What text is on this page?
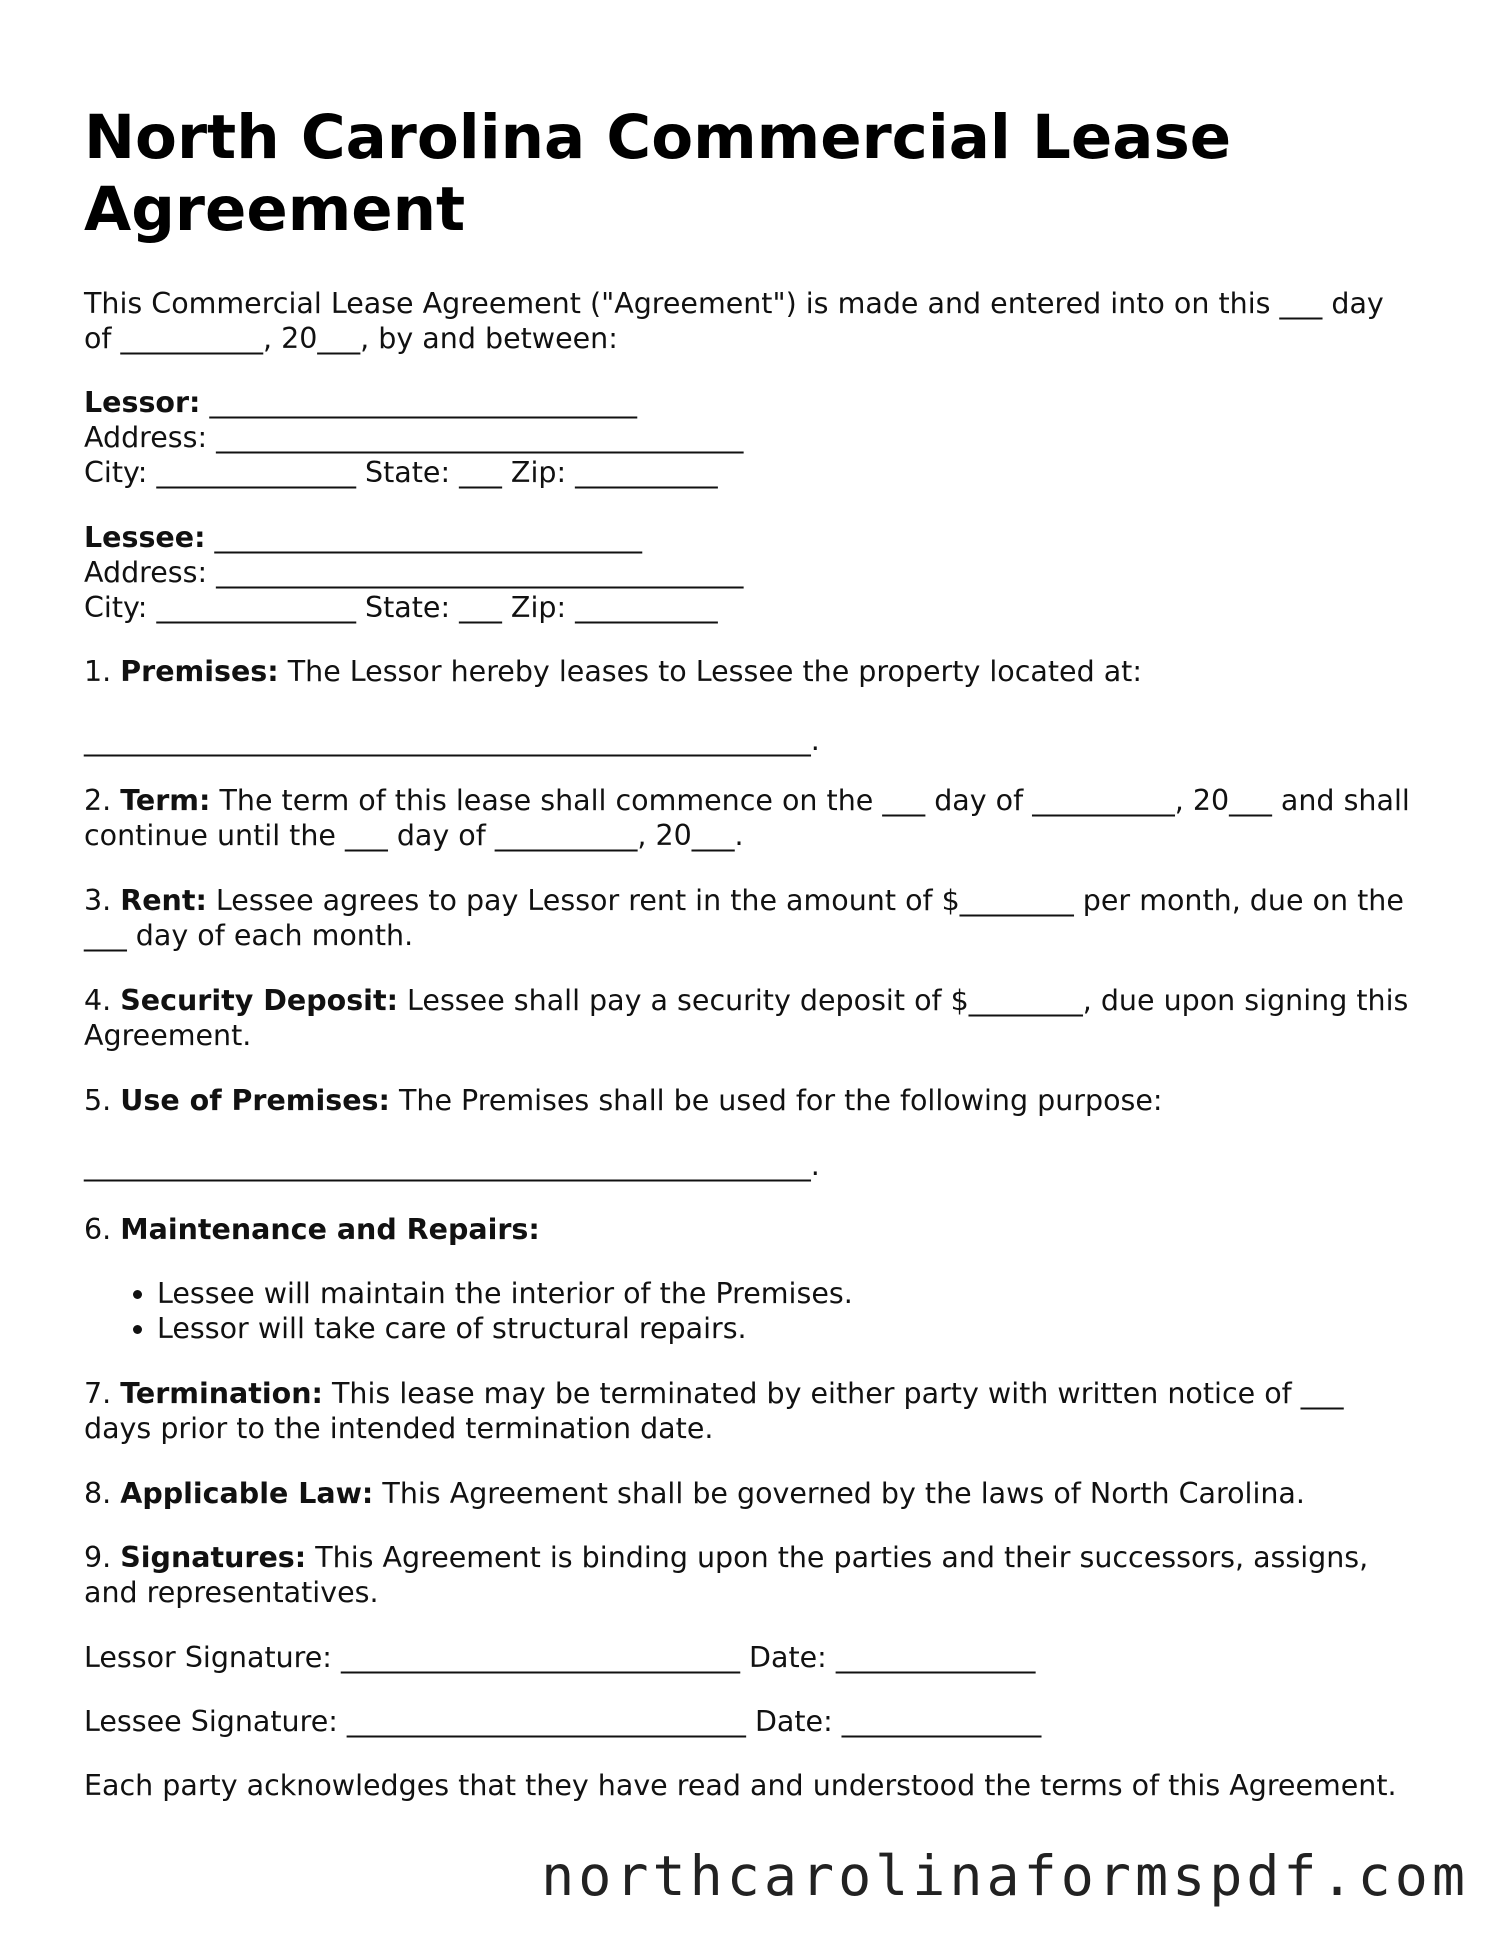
North Carolina Commercial Lease Agreement

This Commercial Lease Agreement ("Agreement") is made and entered into on this ___ day of __________, 20___, by and between:

Lessor: ______________________________

Address: _____________________________________

City: ______________ State: ___ Zip: __________

Lessee: ______________________________

Address: _____________________________________

City: ______________ State: ___ Zip: __________

1. Premises: The Lessor hereby leases to Lessee the property located at:

___________________________________________________.

2. Term: The term of this lease shall commence on the ___ day of __________, 20___ and shall continue until the ___ day of __________, 20___.

3. Rent: Lessee agrees to pay Lessor rent in the amount of $________ per month, due on the ___ day of each month.

4. Security Deposit: Lessee shall pay a security deposit of $________, due upon signing this Agreement.

5. Use of Premises: The Premises shall be used for the following purpose:

___________________________________________________.

6. Maintenance and Repairs:

• Lessee will maintain the interior of the Premises.
• Lessor will take care of structural repairs.

7. Termination: This lease may be terminated by either party with written notice of ___ days prior to the intended termination date.

8. Applicable Law: This Agreement shall be governed by the laws of North Carolina.

9. Signatures: This Agreement is binding upon the parties and their successors, assigns, and representatives.

Lessor Signature: ____________________________ Date: ______________

Lessee Signature: ____________________________ Date: ______________

Each party acknowledges that they have read and understood the terms of this Agreement.

northcarolinaformspdf.com
